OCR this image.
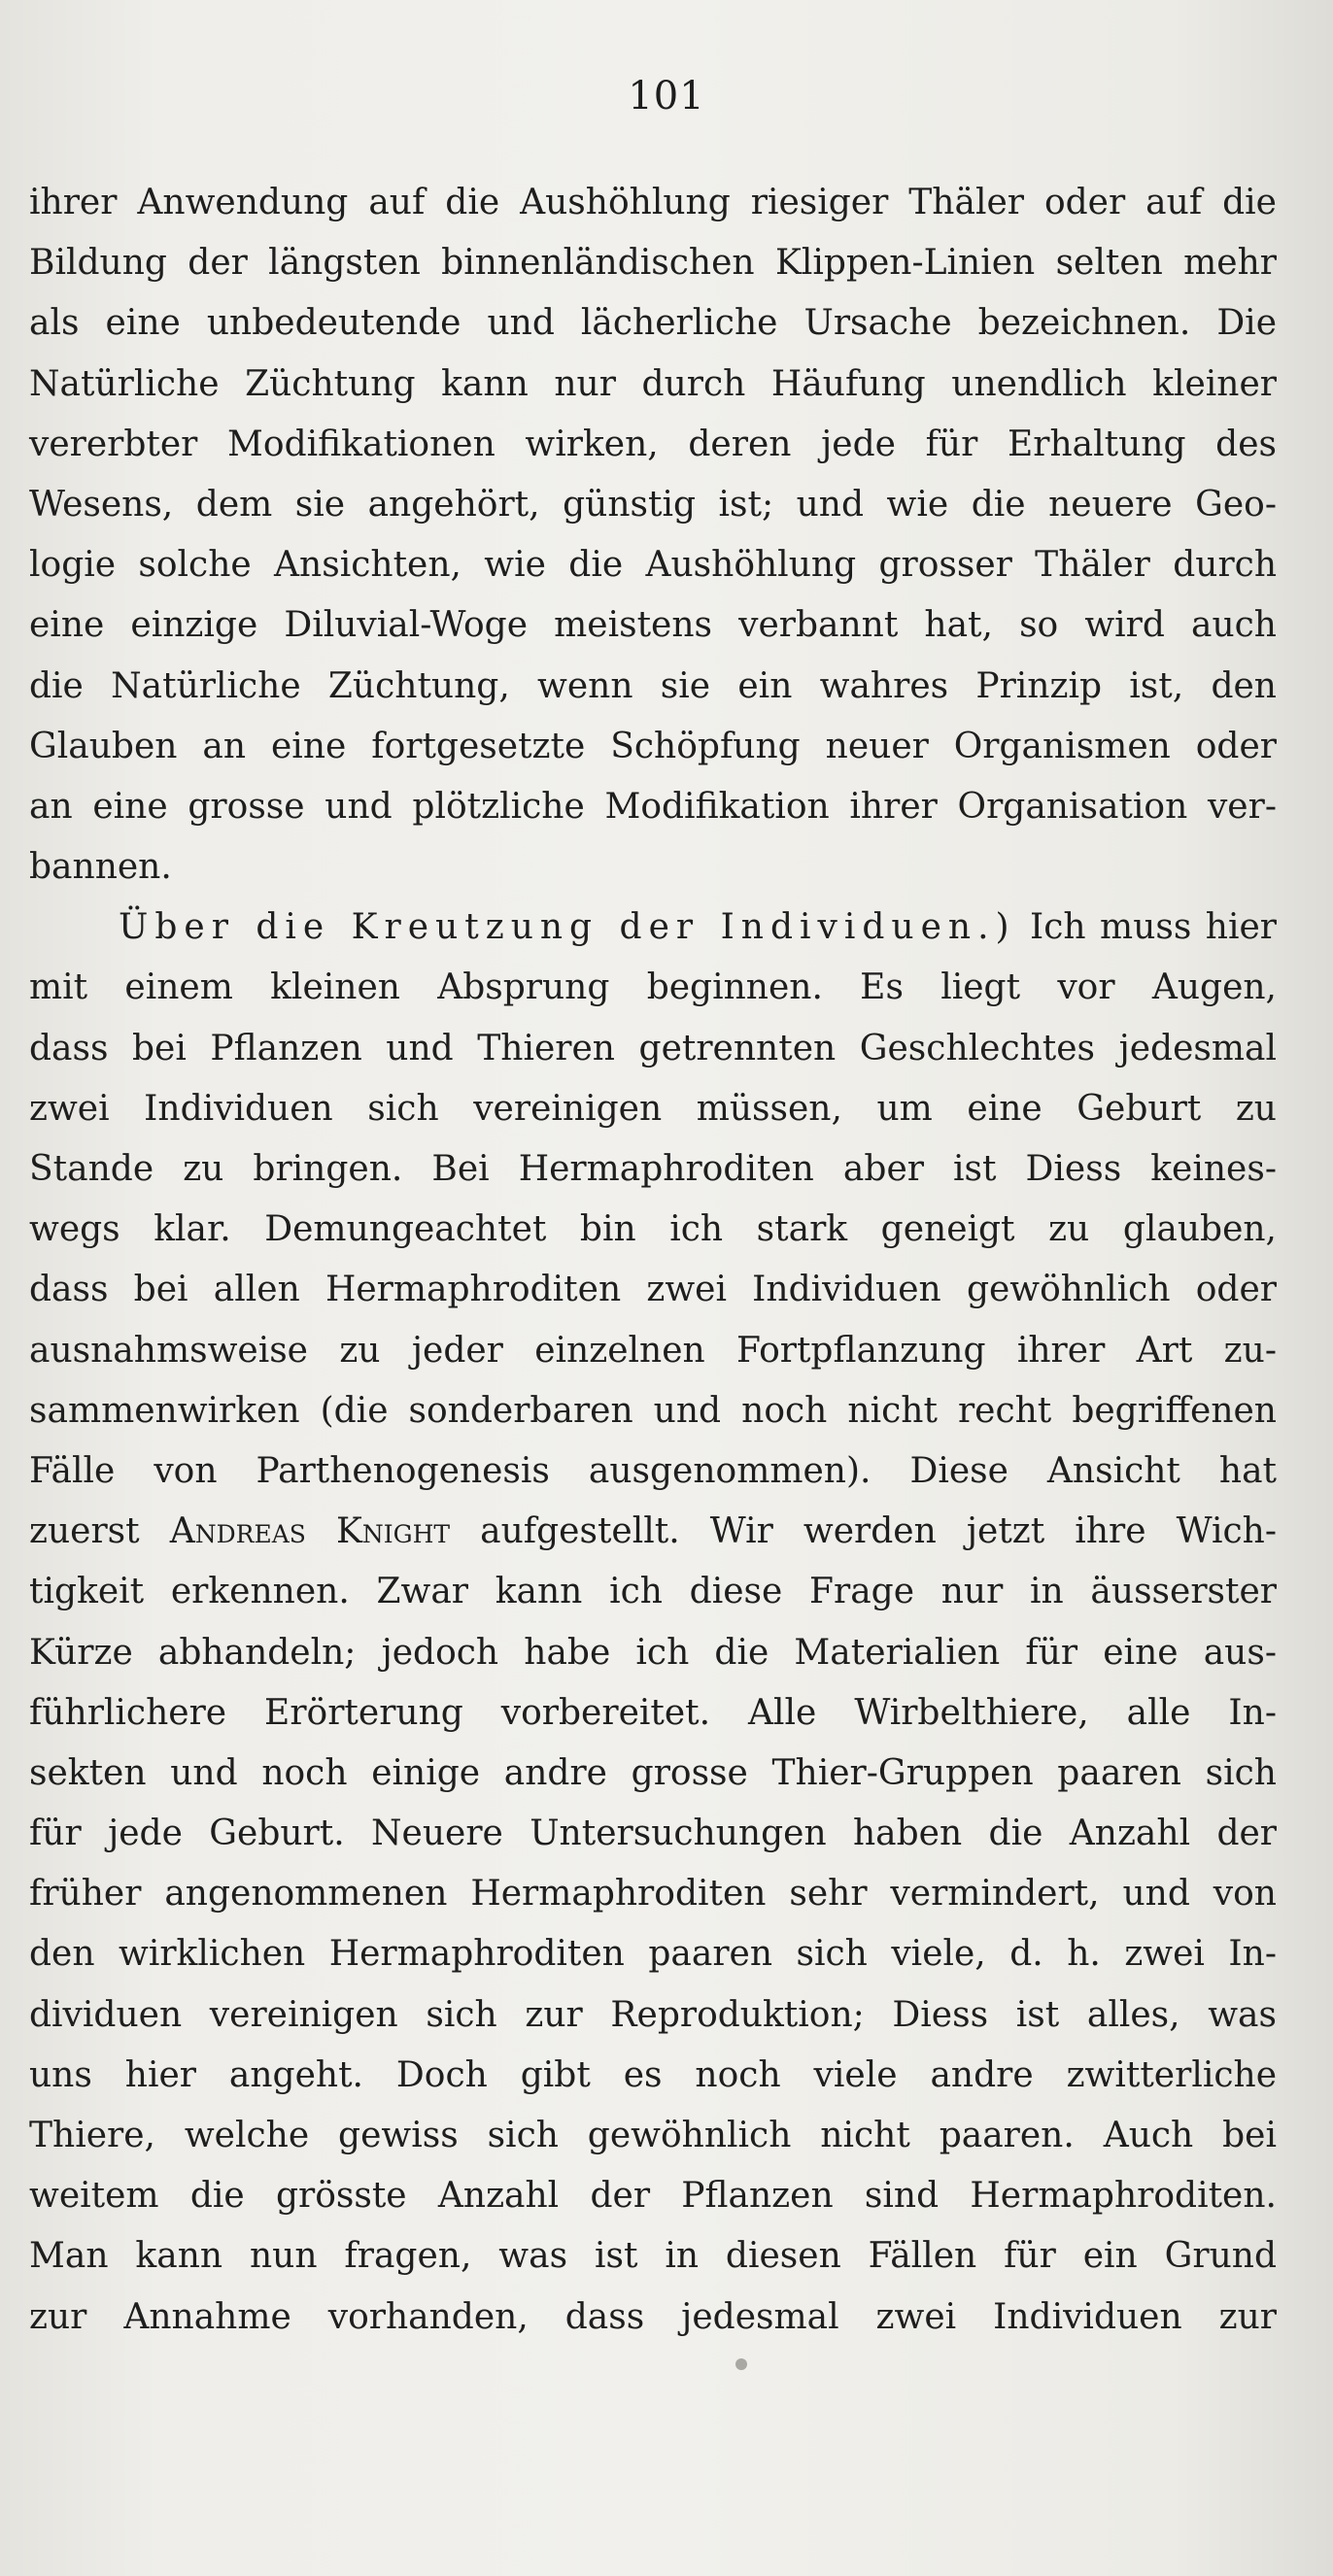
101
ihrer Anwendung auf die Aushöhlung riesiger Thäler oder auf die
Bildung der längsten binnenländischen Klippen-Linien selten mehr
als eine unbedeutende und lächerliche Ursache bezeichnen. Die
Natürliche Züchtung kann nur durch Häufung unendlich kleiner
vererbter Modifikationen wirken, deren jede für Erhaltung des
Wesens, dem sie angehört, günstig ist; und wie die neuere Geo-
logie solche Ansichten, wie die Aushöhlung grosser Thäler durch
eine einzige Diluvial-Woge meistens verbannt hat, so wird auch
die Natürliche Züchtung, wenn sie ein wahres Prinzip ist, den
Glauben an eine fortgesetzte Schöpfung neuer Organismen oder
an eine grosse und plötzliche Modifikation ihrer Organisation ver-
bannen.
Über die Kreutzung der Individuen.) Ich muss hier
mit einem kleinen Absprung beginnen. Es liegt vor Augen,
dass bei Pflanzen und Thieren getrennten Geschlechtes jedesmal
zwei Individuen sich vereinigen müssen, um eine Geburt zu
Stande zu bringen. Bei Hermaphroditen aber ist Diess keines-
wegs klar. Demungeachtet bin ich stark geneigt zu glauben,
dass bei allen Hermaphroditen zwei Individuen gewöhnlich oder
ausnahmsweise zu jeder einzelnen Fortpflanzung ihrer Art zu-
sammenwirken (die sonderbaren und noch nicht recht begriffenen
Fälle von Parthenogenesis ausgenommen). Diese Ansicht hat
zuerst Andreas Knight aufgestellt. Wir werden jetzt ihre Wich-
tigkeit erkennen. Zwar kann ich diese Frage nur in äusserster
Kürze abhandeln; jedoch habe ich die Materialien für eine aus-
führlichere Erörterung vorbereitet. Alle Wirbelthiere, alle In-
sekten und noch einige andre grosse Thier-Gruppen paaren sich
für jede Geburt. Neuere Untersuchungen haben die Anzahl der
früher angenommenen Hermaphroditen sehr vermindert, und von
den wirklichen Hermaphroditen paaren sich viele, d. h. zwei In-
dividuen vereinigen sich zur Reproduktion; Diess ist alles, was
uns hier angeht. Doch gibt es noch viele andre zwitterliche
Thiere, welche gewiss sich gewöhnlich nicht paaren. Auch bei
weitem die grösste Anzahl der Pflanzen sind Hermaphroditen.
Man kann nun fragen, was ist in diesen Fällen für ein Grund
zur Annahme vorhanden, dass jedesmal zwei Individuen zur
